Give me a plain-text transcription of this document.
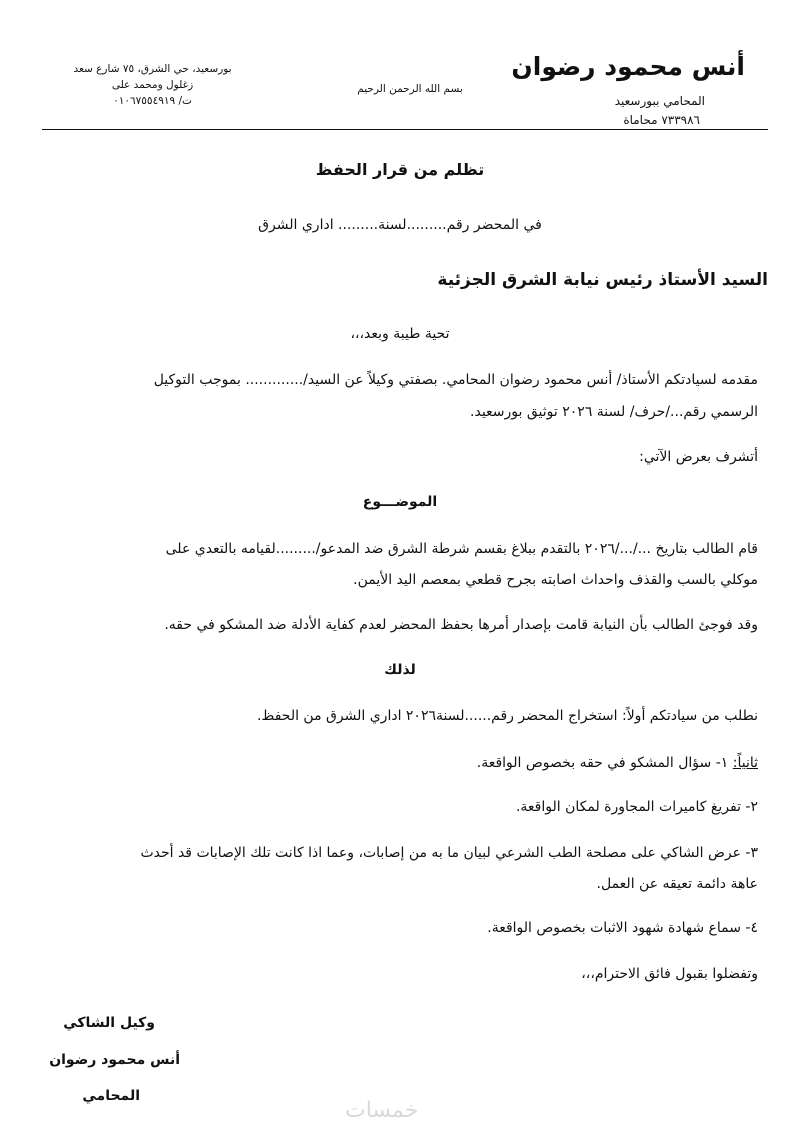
أنس محمود رضوان
المحامي ببورسعيد
٧٣٣٩٨٦ محاماة
بسم الله الرحمن الرحيم
بورسعيد، حي الشرق، ٧٥ شارع سعد
زغلول ومحمد على
ت/ ٠١٠٦٧٥٥٤٩١٩
تظلم من قرار الحفظ
في المحضر رقم.........لسنة......... اداري الشرق
السيد الأستاذ رئيس نيابة الشرق الجزئية
تحية طيبة وبعد،،،
مقدمه لسيادتكم الأستاذ/ أنس محمود رضوان المحامي. بصفتي وكيلاً عن السيد/............. بموجب التوكيل
الرسمي رقم.../حرف/ لسنة ٢٠٢٦ توثيق بورسعيد.
أتشرف بعرض الآتي:
الموضـــوع
قام الطالب بتاريخ .../.../٢٠٢٦ بالتقدم ببلاغ بقسم شرطة الشرق ضد المدعو/.........لقيامه بالتعدي على
موكلي بالسب والقذف واحداث اصابته بجرح قطعي بمعصم اليد الأيمن.
وقد فوجئ الطالب بأن النيابة قامت بإصدار أمرها بحفظ المحضر لعدم كفاية الأدلة ضد المشكو في حقه.
لذلك
نطلب من سيادتكم أولاً: استخراج المحضر رقم......لسنة٢٠٢٦ اداري الشرق من الحفظ.
ثانياً: ١- سؤال المشكو في حقه بخصوص الواقعة.
٢- تفريغ كاميرات المجاورة لمكان الواقعة.
٣- عرض الشاكي على مصلحة الطب الشرعي لبيان ما به من إصابات، وعما اذا كانت تلك الإصابات قد أحدث
عاهة دائمة تعيقه عن العمل.
٤- سماع شهادة شهود الاثبات بخصوص الواقعة.
وتفضلوا بقبول فائق الاحترام،،،
وكيل الشاكي
أنس محمود رضوان
المحامي
خمسات
